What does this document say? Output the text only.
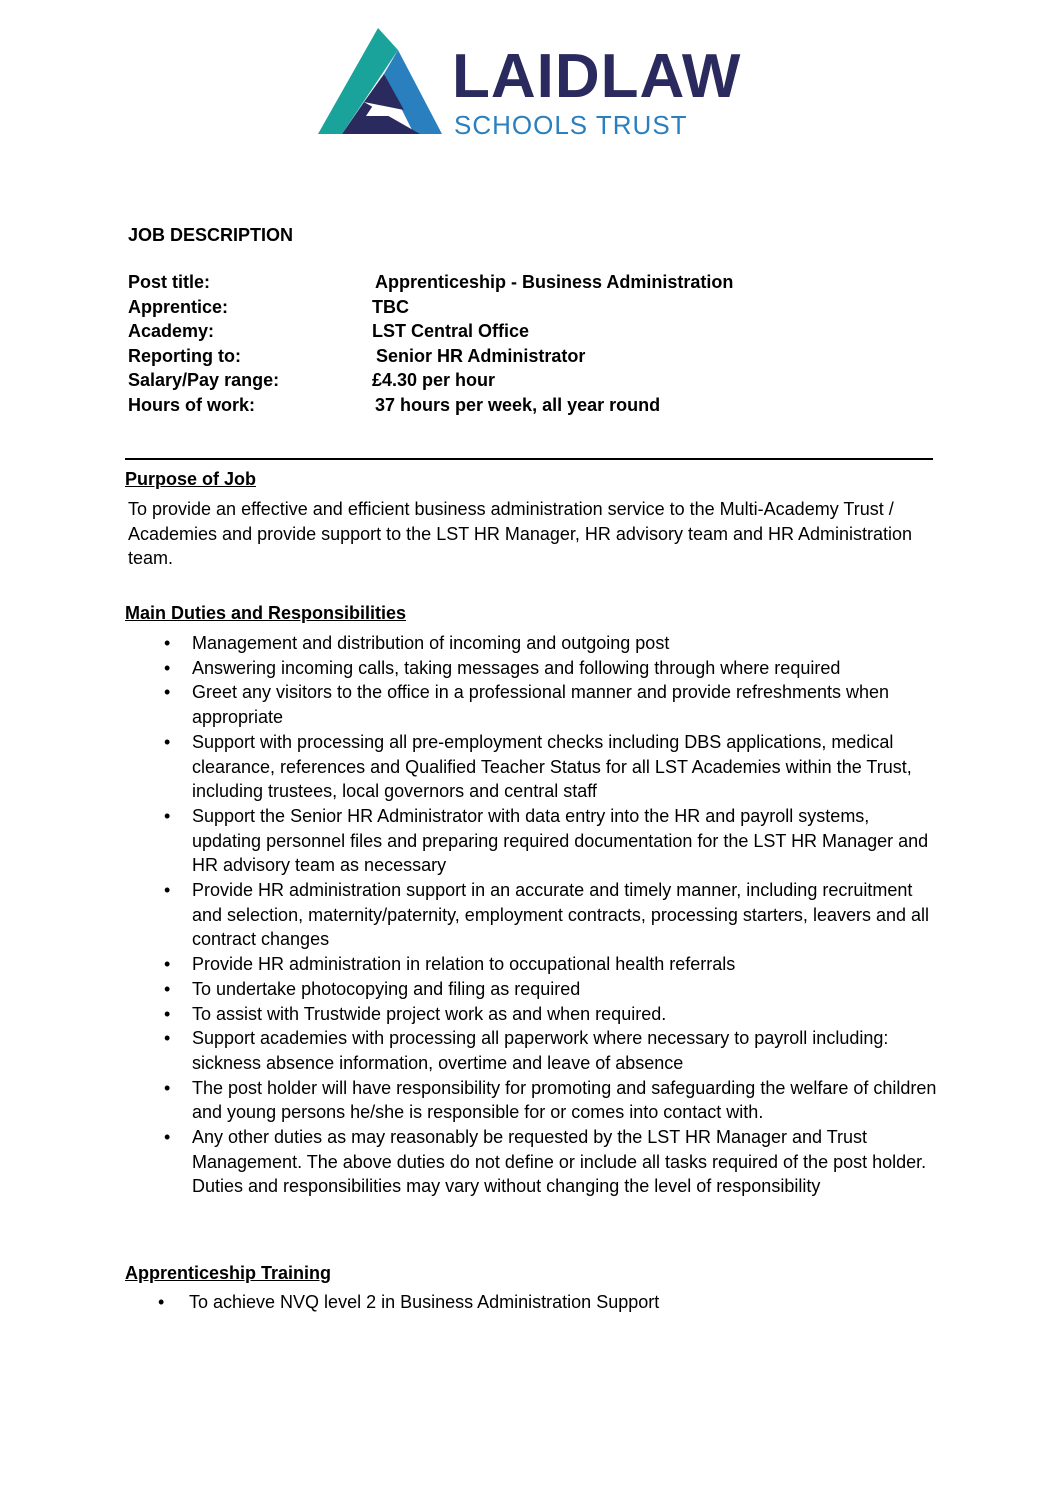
LAIDLAW
SCHOOLS TRUST
JOB DESCRIPTION
Post title:	Apprenticeship - Business Administration
Apprentice:	TBC
Academy:	LST Central Office
Reporting to:	Senior HR Administrator
Salary/Pay range:	£4.30 per hour
Hours of work:	37 hours per week, all year round
Purpose of Job
To provide an effective and efficient business administration service to the Multi-Academy Trust / Academies and provide support to the LST HR Manager, HR advisory team and HR Administration team.
Main Duties and Responsibilities
• Management and distribution of incoming and outgoing post
• Answering incoming calls, taking messages and following through where required
• Greet any visitors to the office in a professional manner and provide refreshments when appropriate
• Support with processing all pre-employment checks including DBS applications, medical clearance, references and Qualified Teacher Status for all LST Academies within the Trust, including trustees, local governors and central staff
• Support the Senior HR Administrator with data entry into the HR and payroll systems, updating personnel files and preparing required documentation for the LST HR Manager and HR advisory team as necessary
• Provide HR administration support in an accurate and timely manner, including recruitment and selection, maternity/paternity, employment contracts, processing starters, leavers and all contract changes
• Provide HR administration in relation to occupational health referrals
• To undertake photocopying and filing as required
• To assist with Trustwide project work as and when required.
• Support academies with processing all paperwork where necessary to payroll including: sickness absence information, overtime and leave of absence
• The post holder will have responsibility for promoting and safeguarding the welfare of children and young persons he/she is responsible for or comes into contact with.
• Any other duties as may reasonably be requested by the LST HR Manager and Trust Management. The above duties do not define or include all tasks required of the post holder. Duties and responsibilities may vary without changing the level of responsibility
Apprenticeship Training
• To achieve NVQ level 2 in Business Administration Support
